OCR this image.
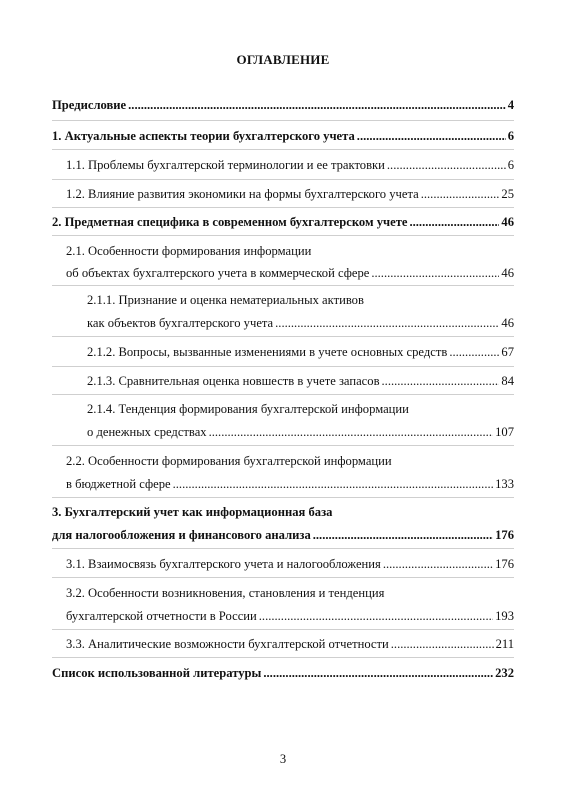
ОГЛАВЛЕНИЕ
Предисловие .....	4
1. Актуальные аспекты теории бухгалтерского учета .....	6
1.1. Проблемы бухгалтерской терминологии и ее трактовки .....	6
1.2. Влияние развития экономики на формы бухгалтерского учета .....	25
2. Предметная специфика в современном бухгалтерском учете .....	46
2.1. Особенности формирования информации
об объектах бухгалтерского учета в коммерческой сфере .....	46
2.1.1. Признание и оценка нематериальных активов
как объектов бухгалтерского учета .....	46
2.1.2. Вопросы, вызванные изменениями в учете основных средств .....	67
2.1.3. Сравнительная оценка новшеств в учете запасов .....	84
2.1.4. Тенденция формирования бухгалтерской информации
о денежных средствах .....	107
2.2. Особенности формирования бухгалтерской информации
в бюджетной сфере .....	133
3. Бухгалтерский учет как информационная база
для налогообложения и финансового анализа .....	176
3.1. Взаимосвязь бухгалтерского учета и налогообложения .....	176
3.2. Особенности возникновения, становления и тенденция
бухгалтерской отчетности в России .....	193
3.3. Аналитические возможности бухгалтерской отчетности .....	211
Список использованной литературы .....	232
3
